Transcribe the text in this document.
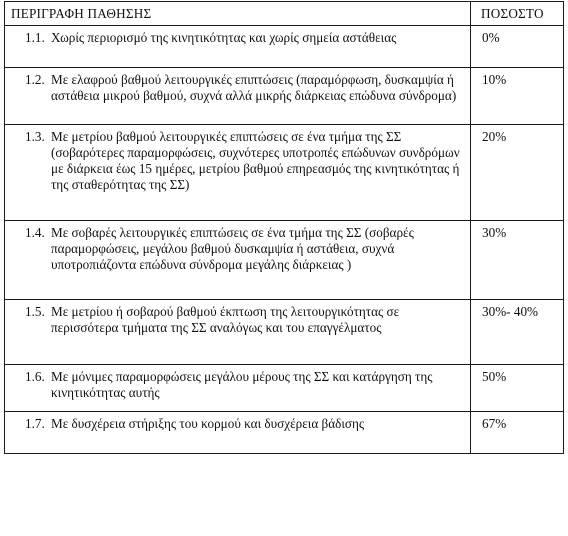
ΠΕΡΙΓΡΑΦΗ ΠΑΘΗΣΗΣ	ΠΟΣΟΣΤΟ

1.1. Χωρίς περιορισμό της κινητικότητας και χωρίς σημεία αστάθειας	0%

1.2. Με ελαφρού βαθμού λειτουργικές επιπτώσεις (παραμόρφωση, δυσκαμψία ή αστάθεια μικρού βαθμού, συχνά αλλά μικρής διάρκειας επώδυνα σύνδρομα)	10%

1.3. Με μετρίου βαθμού λειτουργικές επιπτώσεις σε ένα τμήμα της ΣΣ (σοβαρότερες παραμορφώσεις, συχνότερες υποτροπές επώδυνων συνδρόμων με διάρκεια έως 15 ημέρες, μετρίου βαθμού επηρεασμός της κινητικότητας ή της σταθερότητας της ΣΣ)	20%

1.4. Με σοβαρές λειτουργικές επιπτώσεις σε ένα τμήμα της ΣΣ (σοβαρές παραμορφώσεις, μεγάλου βαθμού δυσκαμψία ή αστάθεια, συχνά υποτροπιάζοντα επώδυνα σύνδρομα μεγάλης διάρκειας )	30%

1.5. Με μετρίου ή σοβαρού βαθμού έκπτωση της λειτουργικότητας σε περισσότερα τμήματα της ΣΣ αναλόγως και του επαγγέλματος	30%- 40%

1.6. Με μόνιμες παραμορφώσεις μεγάλου μέρους της ΣΣ και κατάργηση της κινητικότητας αυτής	50%

1.7. Με δυσχέρεια στήριξης του κορμού και δυσχέρεια βάδισης	67%
